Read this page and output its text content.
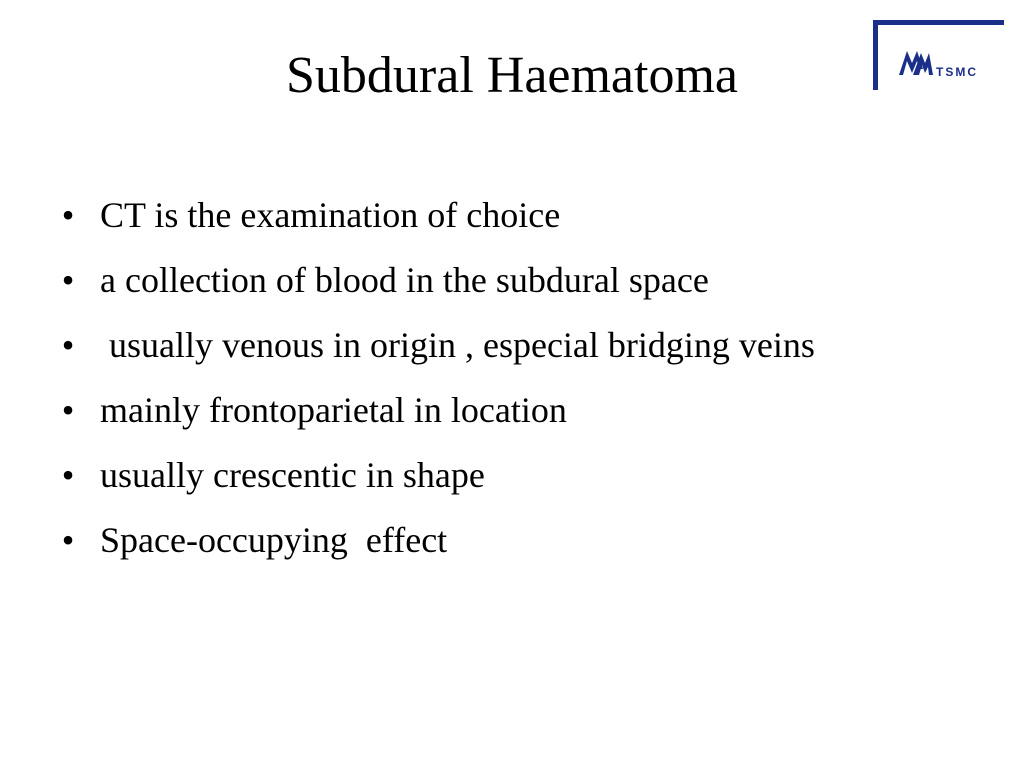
Subdural Haematoma	TSMC
• CT is the examination of choice
• a collection of blood in the subdural space
• usually venous in origin , especial bridging veins
• mainly frontoparietal in location
• usually crescentic in shape
• Space-occupying  effect
